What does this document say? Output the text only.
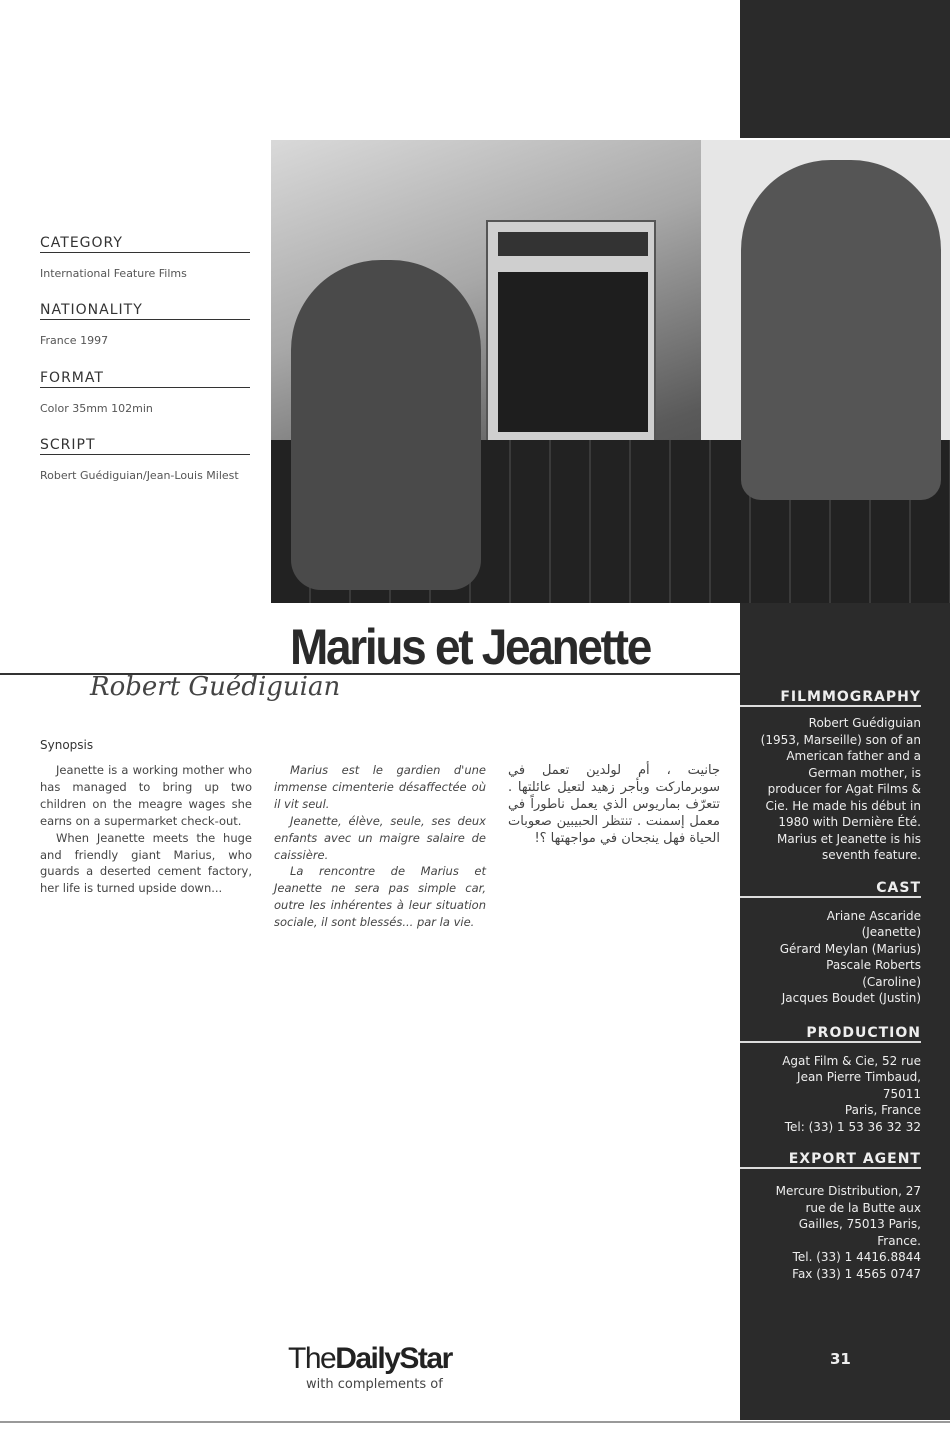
CATEGORY

International Feature Films

NATIONALITY

France 1997

FORMAT

Color 35mm 102min

SCRIPT

Robert Guédiguian/Jean-Louis Milest

Marius et Jeanette
Robert Guédiguian
Synopsis

Jeanette is a working mother who has managed to bring up two children on the meagre wages she earns on a supermarket check-out.

When Jeanette meets the huge and friendly giant Marius, who guards a deserted cement factory, her life is turned upside down...

Marius est le gardien d'une immense cimenterie désaffectée où il vit seul.

Jeanette, élève, seule, ses deux enfants avec un maigre salaire de caissière.

La rencontre de Marius et Jeanette ne sera pas simple car, outre les inhérentes à leur situation sociale, il sont blessés... par la vie.

جانيت ، أم لولدين تعمل في سوبرماركت وبأجر زهيد لتعيل عائلتها . تتعرّف بماريوس الذي يعمل ناطوراً في معمل إسمنت . تنتظر الحبيبين صعوبات الحياة فهل ينجحان في مواجهتها ؟!
FILMMOGRAPHY
Robert Guédiguian
(1953, Marseille) son of an
American father and a
German mother, is
producer for Agat Films &
Cie. He made his début in
1980 with Dernière Été.
Marius et Jeanette is his
seventh feature.
CAST
Ariane Ascaride
(Jeanette)
Gérard Meylan (Marius)
Pascale Roberts
(Caroline)
Jacques Boudet (Justin)
PRODUCTION
Agat Film & Cie, 52 rue
Jean Pierre Timbaud, 75011
Paris, France
Tel: (33) 1 53 36 32 32
EXPORT AGENT
Mercure Distribution, 27
rue de la Butte aux
Gailles, 75013 Paris,
France.
Tel. (33) 1 4416.8844
Fax (33) 1 4565 0747
TheDailyStar
with complements of
31
